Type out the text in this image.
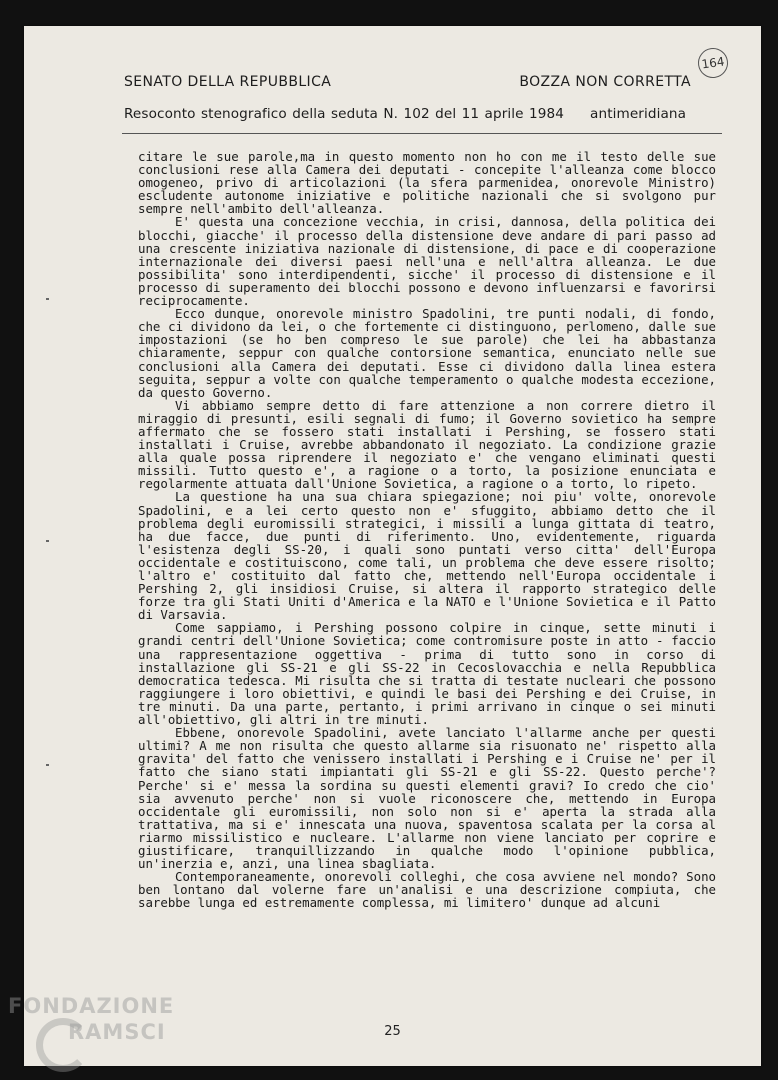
164
SENATO DELLA REPUBBLICA	BOZZA NON CORRETTA
Resoconto stenografico della seduta N. 102 del 11 aprile 1984 antimeridiana

citare le sue parole,ma in questo momento non ho con me il testo delle sue conclusioni rese alla Camera dei deputati - concepite l'alleanza come blocco omogeneo, privo di articolazioni (la sfera parmenidea, onorevole Ministro) escludente autonome iniziative e politiche nazionali che si svolgono pur sempre nell'ambito dell'alleanza.

E' questa una concezione vecchia, in crisi, dannosa, della politica dei blocchi, giacche' il processo della distensione deve andare di pari passo ad una crescente iniziativa nazionale di distensione, di pace e di cooperazione internazionale dei diversi paesi nell'una e nell'altra alleanza. Le due possibilita' sono interdipendenti, sicche' il processo di distensione e il processo di superamento dei blocchi possono e devono influenzarsi e favorirsi reciprocamente.

Ecco dunque, onorevole ministro Spadolini, tre punti nodali, di fondo, che ci dividono da lei, o che fortemente ci distinguono, perlomeno, dalle sue impostazioni (se ho ben compreso le sue parole) che lei ha abbastanza chiaramente, seppur con qualche contorsione semantica, enunciato nelle sue conclusioni alla Camera dei deputati. Esse ci dividono dalla linea estera seguita, seppur a volte con qualche temperamento o qualche modesta eccezione, da questo Governo.

Vi abbiamo sempre detto di fare attenzione a non correre dietro il miraggio di presunti, esili segnali di fumo; il Governo sovietico ha sempre affermato che se fossero stati installati i Pershing, se fossero stati installati i Cruise, avrebbe abbandonato il negoziato. La condizione grazie alla quale possa riprendere il negoziato e' che vengano eliminati questi missili. Tutto questo e', a ragione o a torto, la posizione enunciata e regolarmente attuata dall'Unione Sovietica, a ragione o a torto, lo ripeto.

La questione ha una sua chiara spiegazione; noi piu' volte, onorevole Spadolini, e a lei certo questo non e' sfuggito, abbiamo detto che il problema degli euromissili strategici, i missili a lunga gittata di teatro, ha due facce, due punti di riferimento. Uno, evidentemente, riguarda l'esistenza degli SS-20, i quali sono puntati verso citta' dell'Europa occidentale e costituiscono, come tali, un problema che deve essere risolto; l'altro e' costituito dal fatto che, mettendo nell'Europa occidentale i Pershing 2, gli insidiosi Cruise, si altera il rapporto strategico delle forze tra gli Stati Uniti d'America e la NATO e l'Unione Sovietica e il Patto di Varsavia.

Come sappiamo, i Pershing possono colpire in cinque, sette minuti i grandi centri dell'Unione Sovietica; come contromisure poste in atto - faccio una rappresentazione oggettiva - prima di tutto sono in corso di installazione gli SS-21 e gli SS-22 in Cecoslovacchia e nella Repubblica democratica tedesca. Mi risulta che si tratta di testate nucleari che possono raggiungere i loro obiettivi, e quindi le basi dei Pershing e dei Cruise, in tre minuti. Da una parte, pertanto, i primi arrivano in cinque o sei minuti all'obiettivo, gli altri in tre minuti.

Ebbene, onorevole Spadolini, avete lanciato l'allarme anche per questi ultimi? A me non risulta che questo allarme sia risuonato ne' rispetto alla gravita' del fatto che venissero installati i Pershing e i Cruise ne' per il fatto che siano stati impiantati gli SS-21 e gli SS-22. Questo perche'? Perche' si e' messa la sordina su questi elementi gravi? Io credo che cio' sia avvenuto perche' non si vuole riconoscere che, mettendo in Europa occidentale gli euromissili, non solo non si e' aperta la strada alla trattativa, ma si e' innescata una nuova, spaventosa scalata per la corsa al riarmo missilistico e nucleare. L'allarme non viene lanciato per coprire e giustificare, tranquillizzando in qualche modo l'opinione pubblica, un'inerzia e, anzi, una linea sbagliata.

Contemporaneamente, onorevoli colleghi, che cosa avviene nel mondo? Sono ben lontano dal volerne fare un'analisi e una descrizione compiuta, che sarebbe lunga ed estremamente complessa, mi limitero' dunque ad alcuni

25
FONDAZIONE
RAMSCI
